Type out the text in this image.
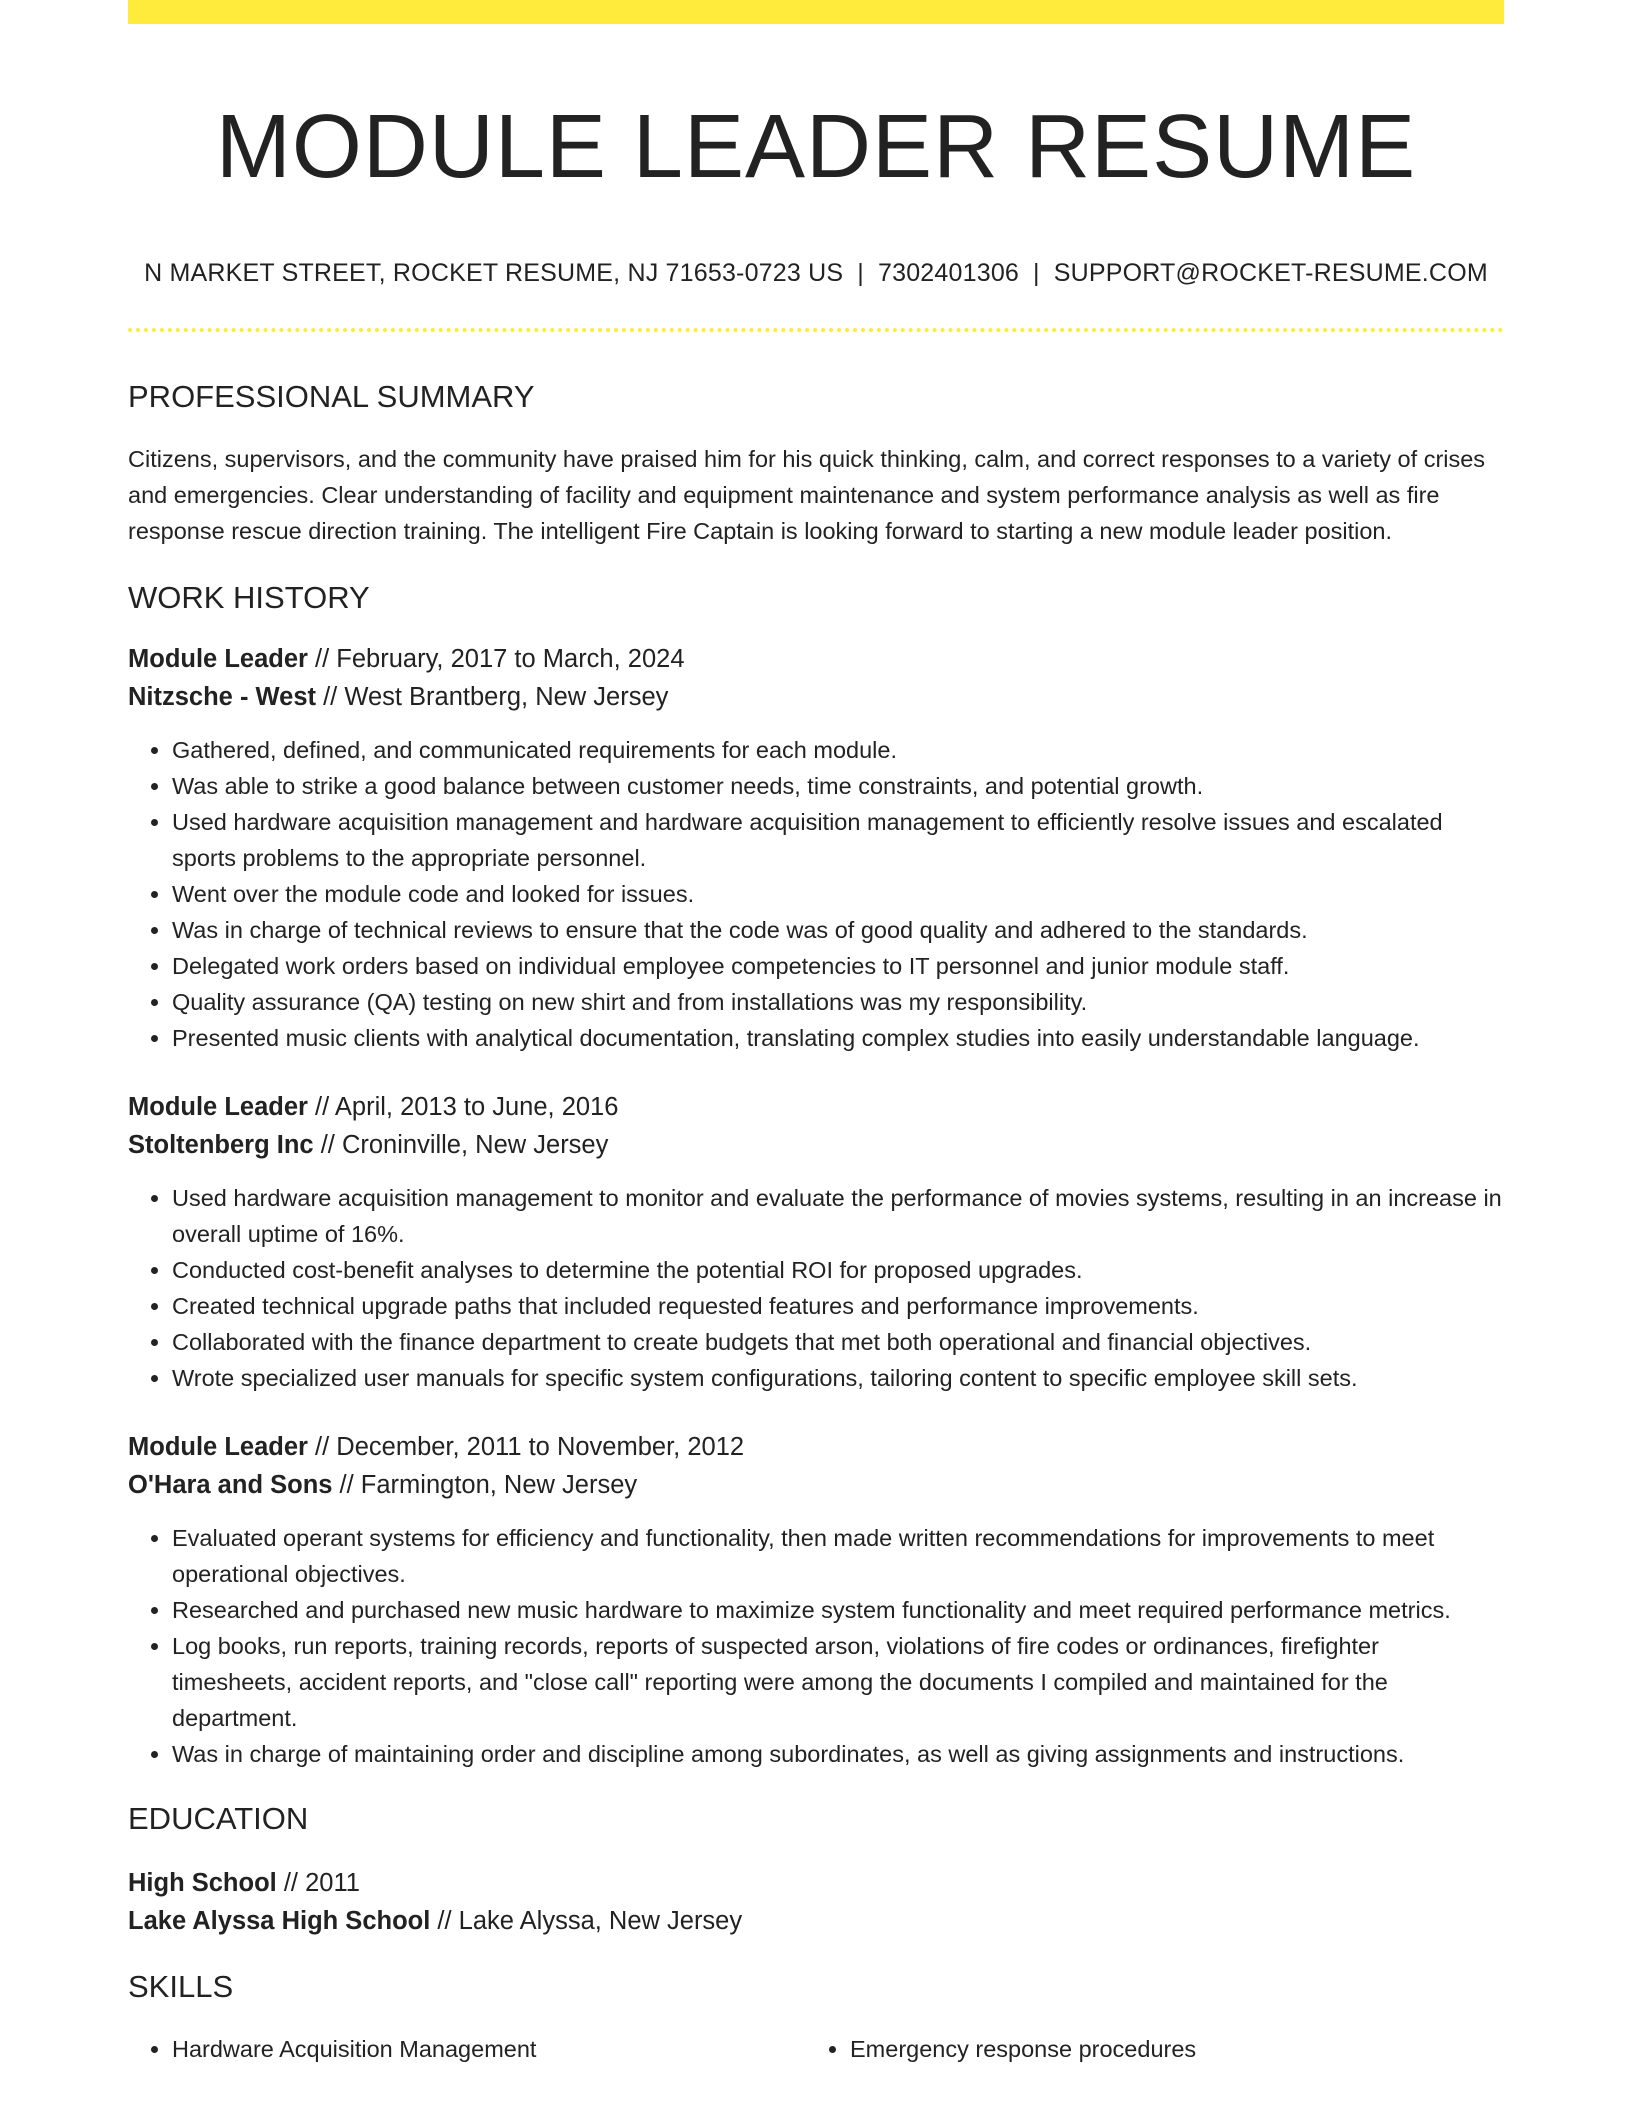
MODULE LEADER RESUME
N MARKET STREET, ROCKET RESUME, NJ 71653-0723 US | 7302401306 | SUPPORT@ROCKET-RESUME.COM
PROFESSIONAL SUMMARY
Citizens, supervisors, and the community have praised him for his quick thinking, calm, and correct responses to a variety of crises and emergencies. Clear understanding of facility and equipment maintenance and system performance analysis as well as fire response rescue direction training. The intelligent Fire Captain is looking forward to starting a new module leader position.
WORK HISTORY
Module Leader // February, 2017 to March, 2024
Nitzsche - West // West Brantberg, New Jersey
• Gathered, defined, and communicated requirements for each module.
• Was able to strike a good balance between customer needs, time constraints, and potential growth.
• Used hardware acquisition management and hardware acquisition management to efficiently resolve issues and escalated sports problems to the appropriate personnel.
• Went over the module code and looked for issues.
• Was in charge of technical reviews to ensure that the code was of good quality and adhered to the standards.
• Delegated work orders based on individual employee competencies to IT personnel and junior module staff.
• Quality assurance (QA) testing on new shirt and from installations was my responsibility.
• Presented music clients with analytical documentation, translating complex studies into easily understandable language.
Module Leader // April, 2013 to June, 2016
Stoltenberg Inc // Croninville, New Jersey
• Used hardware acquisition management to monitor and evaluate the performance of movies systems, resulting in an increase in overall uptime of 16%.
• Conducted cost-benefit analyses to determine the potential ROI for proposed upgrades.
• Created technical upgrade paths that included requested features and performance improvements.
• Collaborated with the finance department to create budgets that met both operational and financial objectives.
• Wrote specialized user manuals for specific system configurations, tailoring content to specific employee skill sets.
Module Leader // December, 2011 to November, 2012
O'Hara and Sons // Farmington, New Jersey
• Evaluated operant systems for efficiency and functionality, then made written recommendations for improvements to meet operational objectives.
• Researched and purchased new music hardware to maximize system functionality and meet required performance metrics.
• Log books, run reports, training records, reports of suspected arson, violations of fire codes or ordinances, firefighter timesheets, accident reports, and "close call" reporting were among the documents I compiled and maintained for the department.
• Was in charge of maintaining order and discipline among subordinates, as well as giving assignments and instructions.
EDUCATION
High School // 2011
Lake Alyssa High School // Lake Alyssa, New Jersey
SKILLS
• Hardware Acquisition Management
•	Emergency response procedures
